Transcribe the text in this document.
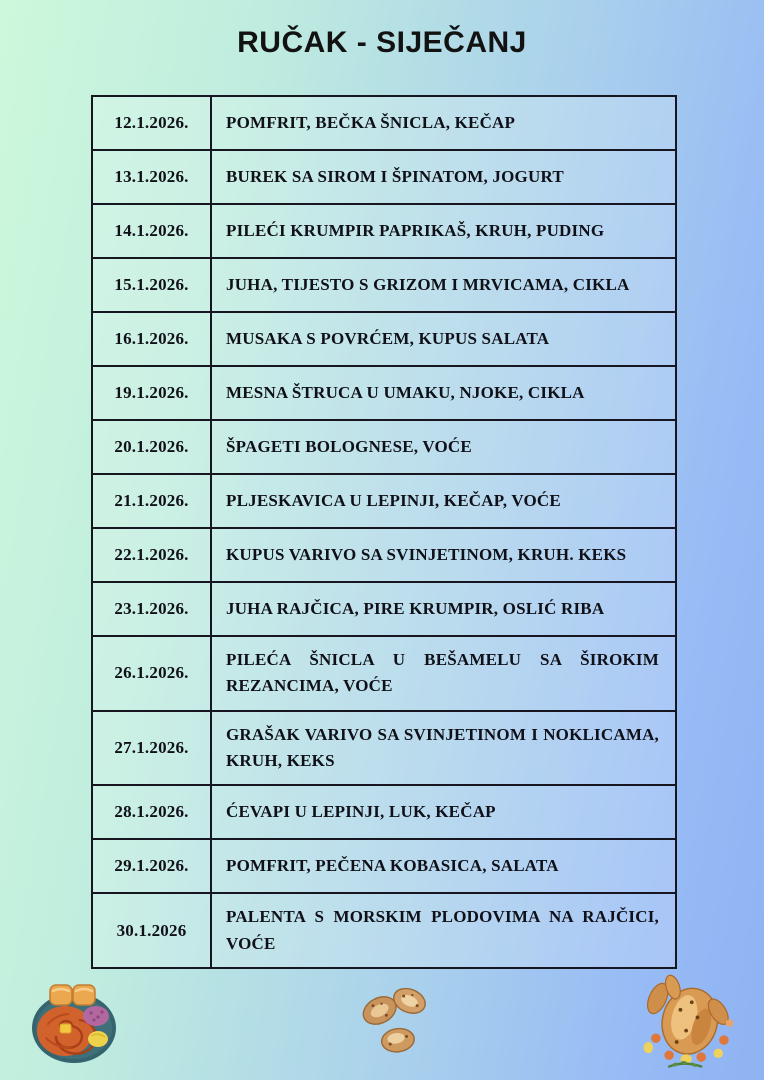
RUČAK - SIJEČANJ
12.1.2026.	POMFRIT, BEČKA ŠNICLA, KEČAP
13.1.2026.	BUREK SA SIROM I ŠPINATOM, JOGURT
14.1.2026.	PILEĆI KRUMPIR PAPRIKAŠ, KRUH, PUDING
15.1.2026.	JUHA, TIJESTO S GRIZOM I MRVICAMA, CIKLA
16.1.2026.	MUSAKA S POVRĆEM, KUPUS SALATA
19.1.2026.	MESNA ŠTRUCA U UMAKU, NJOKE, CIKLA
20.1.2026.	ŠPAGETI BOLOGNESE, VOĆE
21.1.2026.	PLJESKAVICA U LEPINJI, KEČAP, VOĆE
22.1.2026.	KUPUS VARIVO SA SVINJETINOM, KRUH. KEKS
23.1.2026.	JUHA RAJČICA, PIRE KRUMPIR, OSLIĆ RIBA
26.1.2026.	PILEĆA ŠNICLA U BEŠAMELU SA ŠIROKIM REZANCIMA, VOĆE
27.1.2026.	GRAŠAK VARIVO SA SVINJETINOM I NOKLICAMA, KRUH, KEKS
28.1.2026.	ĆEVAPI U LEPINJI, LUK, KEČAP
29.1.2026.	POMFRIT, PEČENA KOBASICA, SALATA
30.1.2026	PALENTA S MORSKIM PLODOVIMA NA RAJČICI, VOĆE
